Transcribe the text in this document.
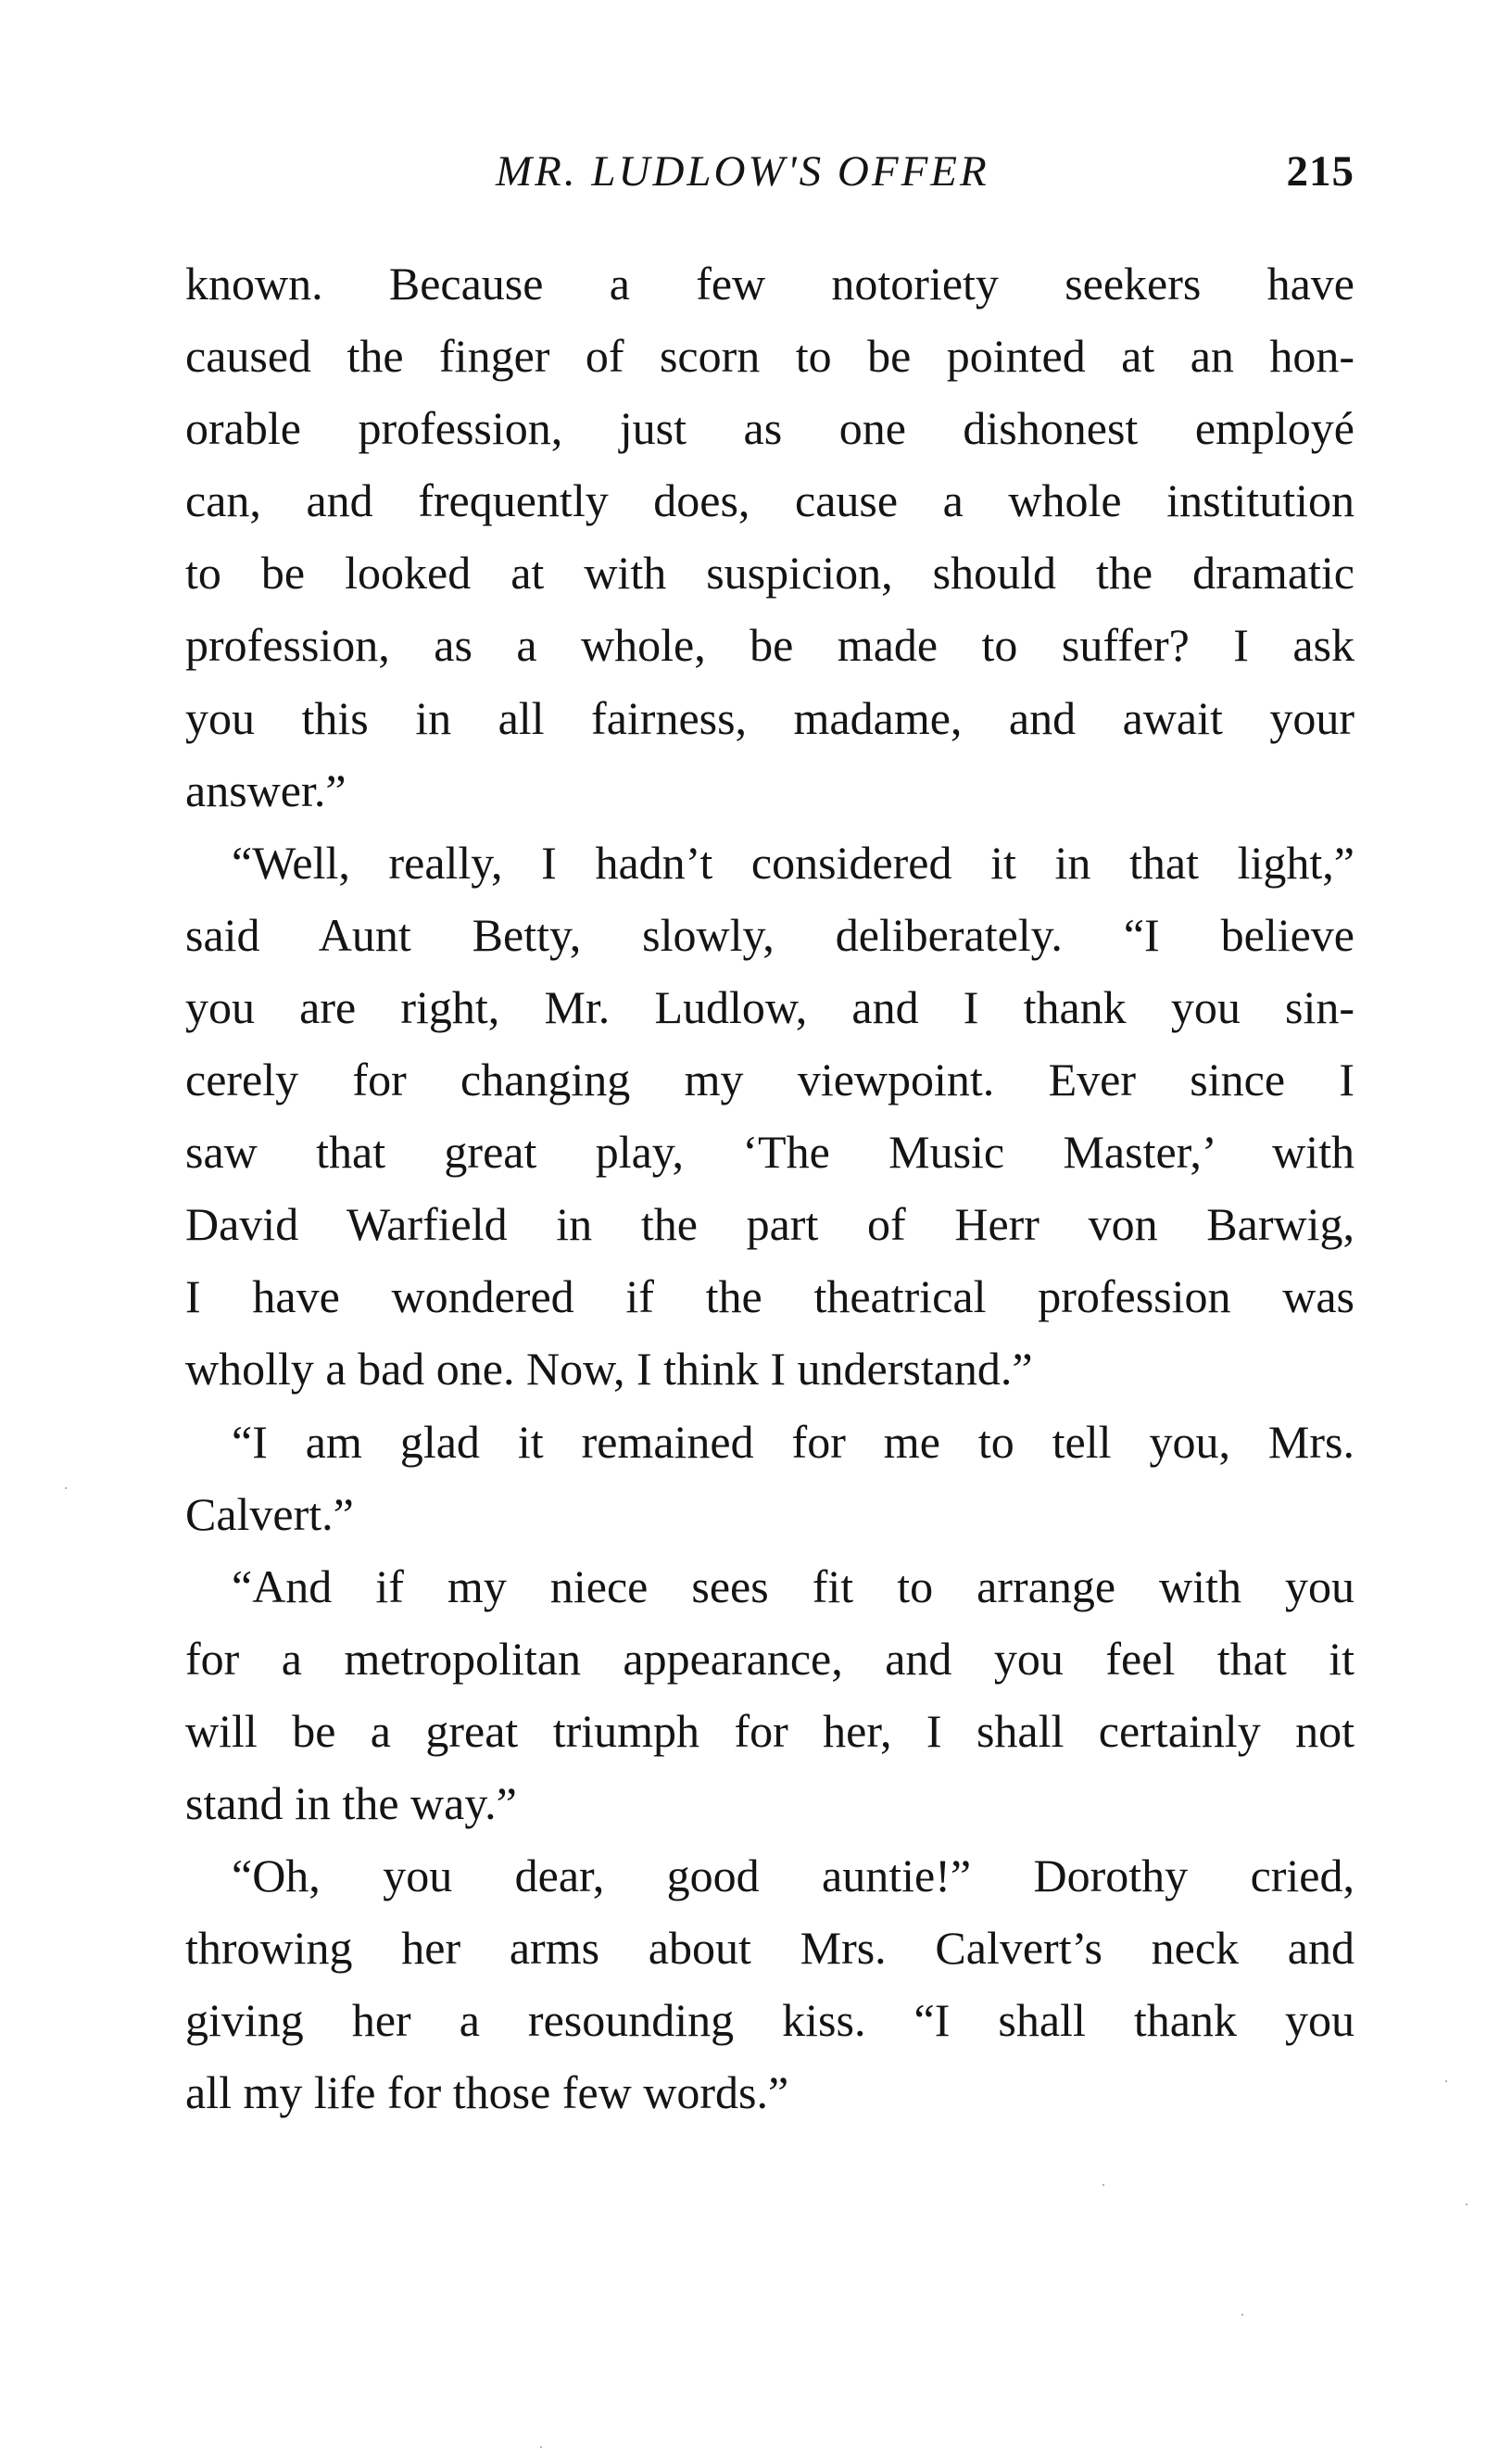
MR. LUDLOW'S OFFER	215
known. Because a few notoriety seekers have
caused the finger of scorn to be pointed at an hon-
orable profession, just as one dishonest employé
can, and frequently does, cause a whole institution
to be looked at with suspicion, should the dramatic
profession, as a whole, be made to suffer? I ask
you this in all fairness, madame, and await your
answer.”
“Well, really, I hadn’t considered it in that light,”
said Aunt Betty, slowly, deliberately. “I believe
you are right, Mr. Ludlow, and I thank you sin-
cerely for changing my viewpoint. Ever since I
saw that great play, ‘The Music Master,’ with
David Warfield in the part of Herr von Barwig,
I have wondered if the theatrical profession was
wholly a bad one. Now, I think I understand.”
“I am glad it remained for me to tell you, Mrs.
Calvert.”
“And if my niece sees fit to arrange with you
for a metropolitan appearance, and you feel that it
will be a great triumph for her, I shall certainly not
stand in the way.”
“Oh, you dear, good auntie!” Dorothy cried,
throwing her arms about Mrs. Calvert’s neck and
giving her a resounding kiss. “I shall thank you
all my life for those few words.”
